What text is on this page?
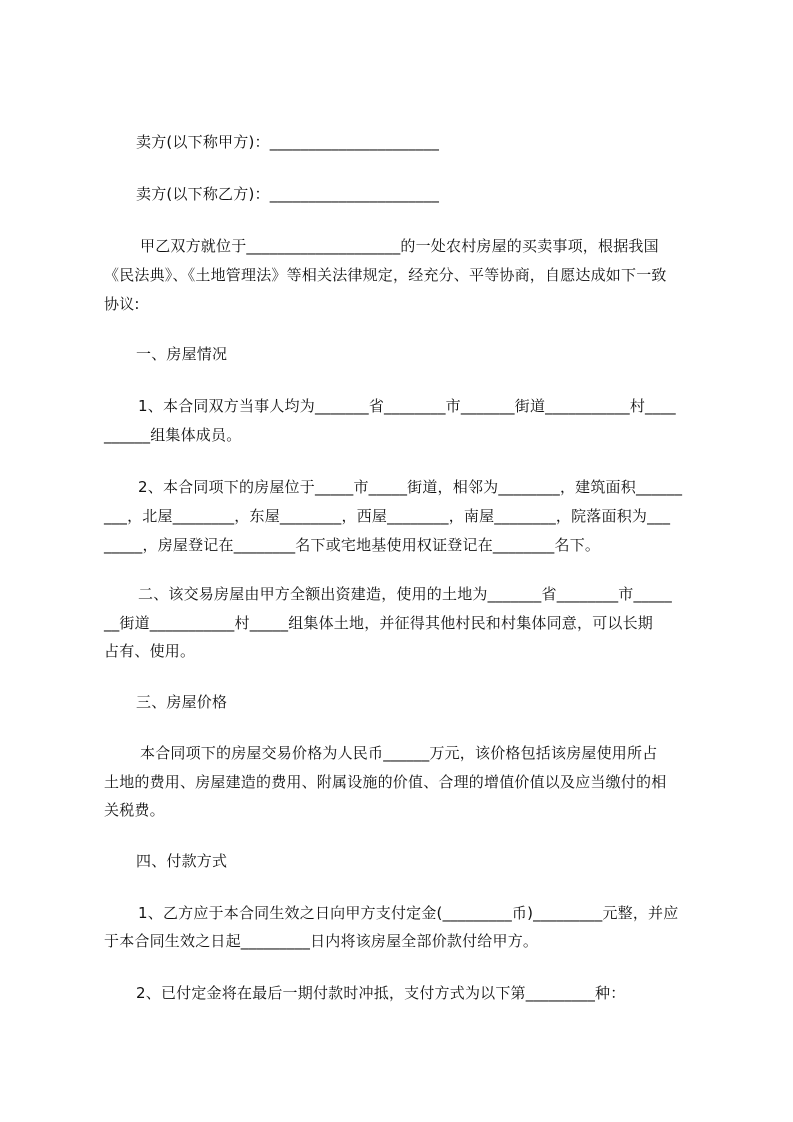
卖方(以下称甲方)：______________________
卖方(以下称乙方)：______________________
甲乙双方就位于____________________的一处农村房屋的买卖事项，根据我国
《民法典》、《土地管理法》等相关法律规定，经充分、平等协商，自愿达成如下一致
协议:
一、房屋情况
1、本合同双方当事人均为_______省________市_______街道___________村____
______组集体成员。
2、本合同项下的房屋位于_____市_____街道，相邻为________，建筑面积______
___，北屋________，东屋________，西屋________，南屋________，院落面积为___
_____，房屋登记在________名下或宅地基使用权证登记在________名下。
二、该交易房屋由甲方全额出资建造，使用的土地为_______省________市_____
__街道___________村_____组集体土地，并征得其他村民和村集体同意，可以长期
占有、使用。
三、房屋价格
本合同项下的房屋交易价格为人民币______万元，该价格包括该房屋使用所占
土地的费用、房屋建造的费用、附属设施的价值、合理的增值价值以及应当缴付的相
关税费。
四、付款方式
1、乙方应于本合同生效之日向甲方支付定金(_________币)_________元整，并应
于本合同生效之日起_________日内将该房屋全部价款付给甲方。
2、已付定金将在最后一期付款时冲抵，支付方式为以下第_________种：
